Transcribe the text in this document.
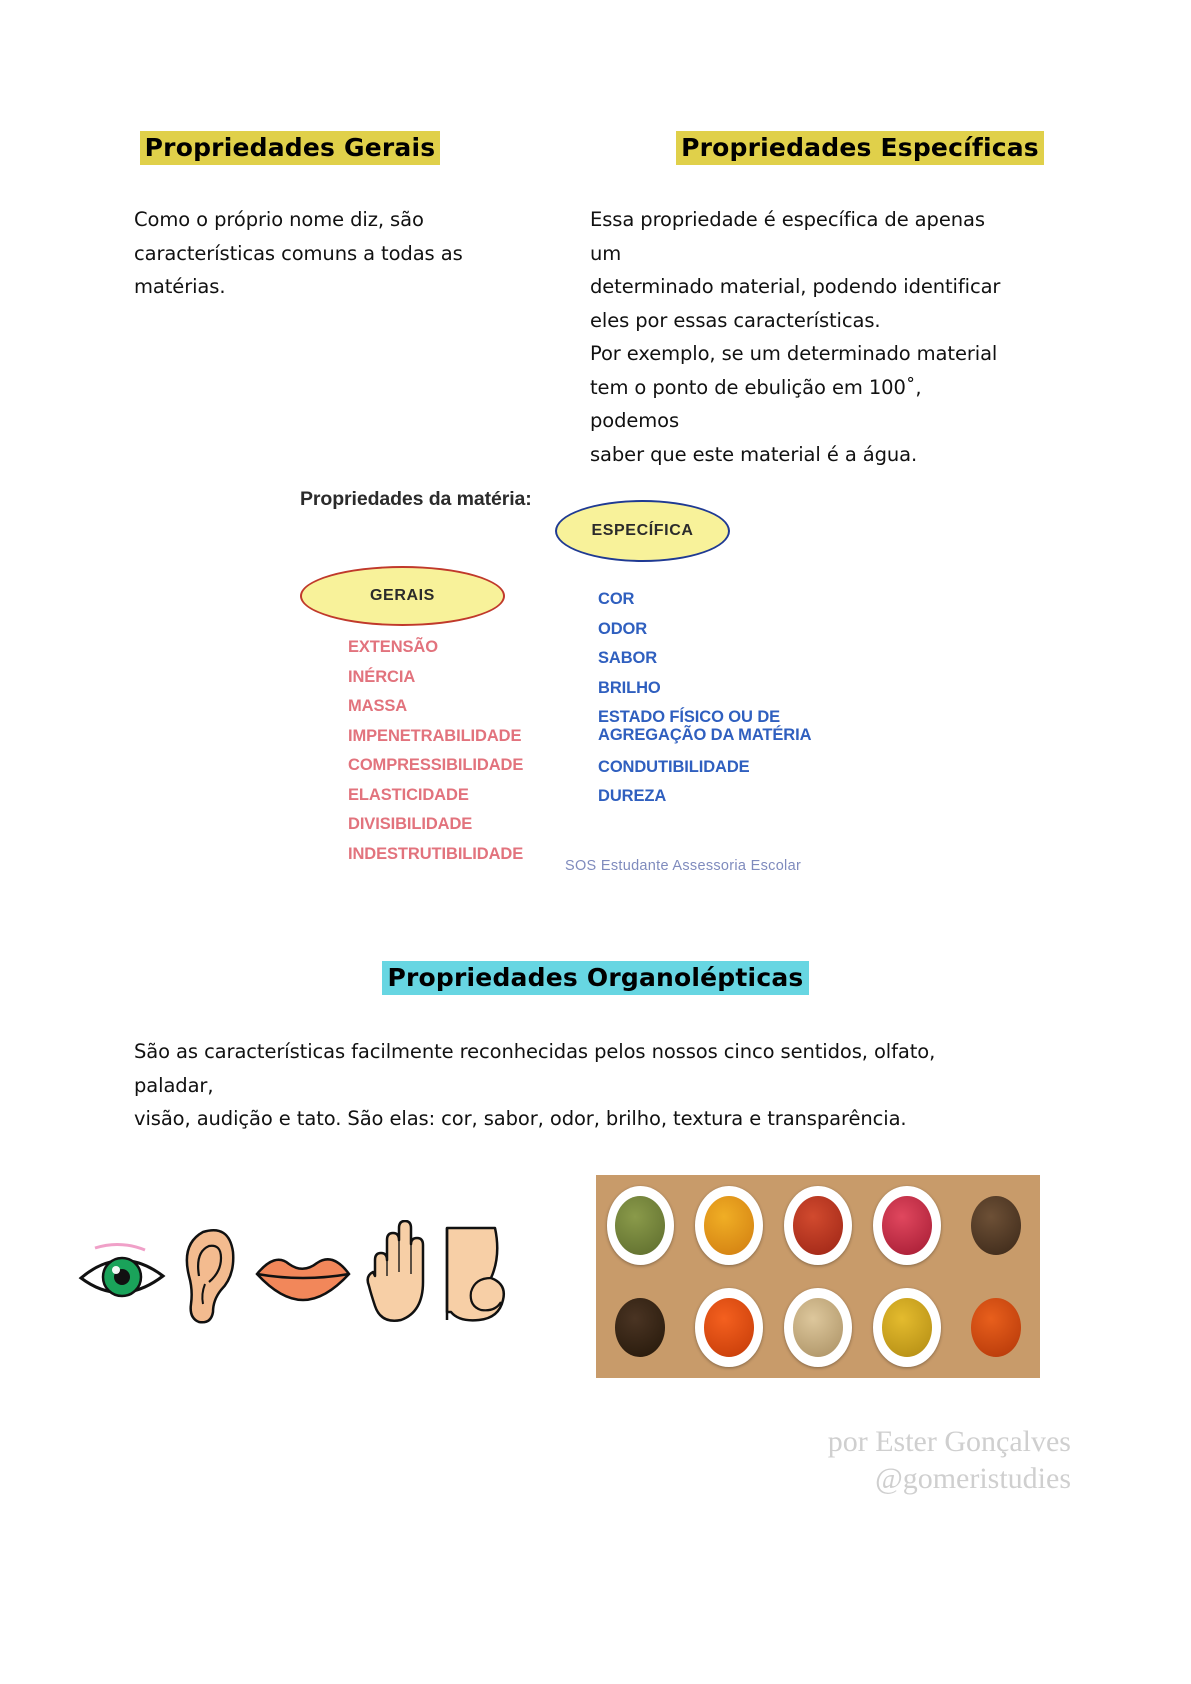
Propriedades Gerais	Propriedades Específicas
Como o próprio nome diz, são
características comuns a todas as matérias.
Essa propriedade é específica de apenas um
determinado material, podendo identificar
eles por essas características.
Por exemplo, se um determinado material
tem o ponto de ebulição em 100˚, podemos
saber que este material é a água.
Propriedades da matéria:
ESPECÍFICA
GERAIS
EXTENSÃO
INÉRCIA
MASSA
IMPENETRABILIDADE
COMPRESSIBILIDADE
ELASTICIDADE
DIVISIBILIDADE
INDESTRUTIBILIDADE
COR
ODOR
SABOR
BRILHO
ESTADO FÍSICO OU DE
AGREGAÇÃO DA MATÉRIA
CONDUTIBILIDADE
DUREZA
SOS Estudante Assessoria Escolar
Propriedades Organolépticas
São as características facilmente reconhecidas pelos nossos cinco sentidos, olfato, paladar,
visão, audição e tato. São elas: cor, sabor, odor, brilho, textura e transparência.
por Ester Gonçalves
@gomeristudies
